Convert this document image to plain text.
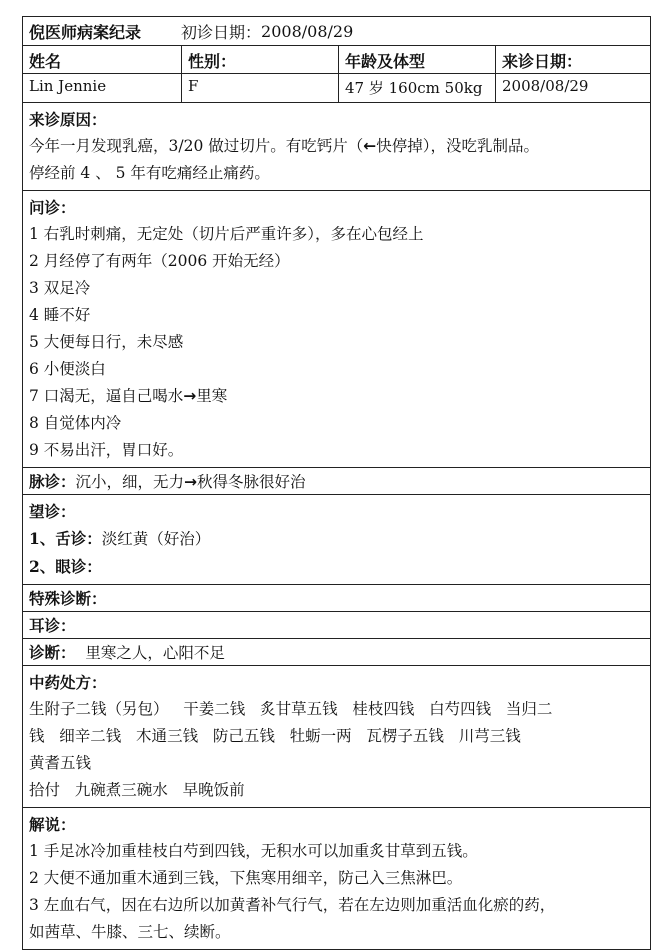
倪医师病案纪录	初诊日期： 2008/08/29
姓名	性别：	年龄及体型	来诊日期：
Lin Jennie	F	47 岁 160cm 50kg	2008/08/29
来诊原因：
今年一月发现乳癌，3/20 做过切片。有吃钙片（←快停掉），没吃乳制品。
停经前 4 、 5 年有吃痛经止痛药。
问诊：
1 右乳时刺痛，无定处（切片后严重许多），多在心包经上
2 月经停了有两年（2006 开始无经）
3 双足冷
4 睡不好
5 大便每日行，未尽感
6 小便淡白
7 口渴无，逼自己喝水→里寒
8 自觉体内冷
9 不易出汗，胃口好。
脉诊：沉小，细，无力→秋得冬脉很好治
望诊：
1、舌诊：淡红黄（好治）
2、眼诊：
特殊诊断：
耳诊：
诊断： 里寒之人，心阳不足
中药处方：
生附子二钱（另包）   干姜二钱   炙甘草五钱   桂枝四钱   白芍四钱   当归二
钱   细辛二钱   木通三钱   防己五钱   牡蛎一两   瓦楞子五钱   川芎三钱
黄耆五钱
拾付   九碗煮三碗水   早晚饭前
解说：
1 手足冰冷加重桂枝白芍到四钱，无积水可以加重炙甘草到五钱。
2 大便不通加重木通到三钱，下焦寒用细辛，防己入三焦淋巴。
3 左血右气，因在右边所以加黄耆补气行气，若在左边则加重活血化瘀的药，
如茜草、牛膝、三七、续断。
